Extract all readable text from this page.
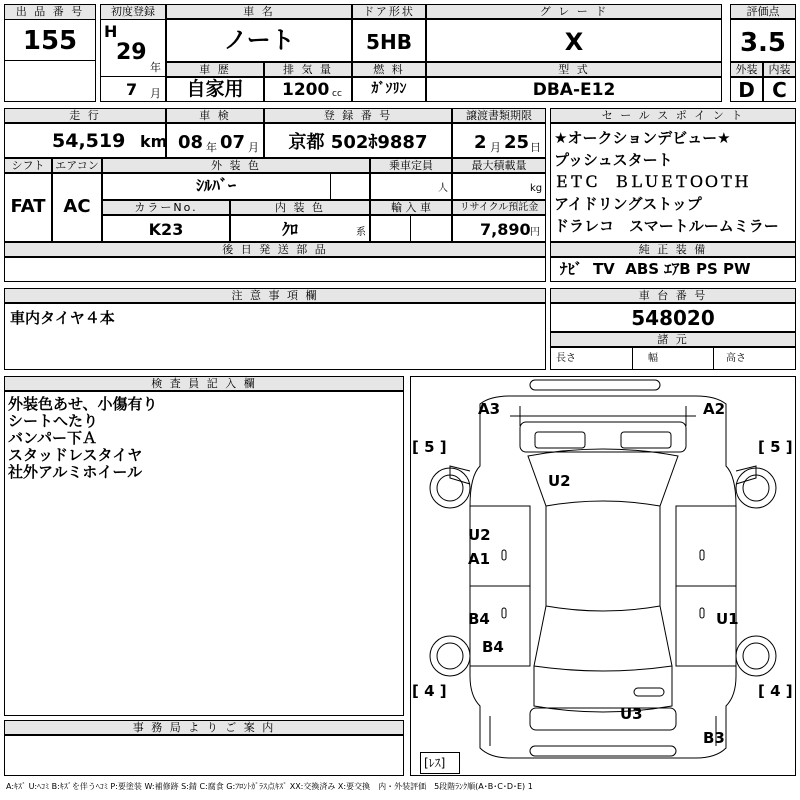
出 品 番 号
155
初度登録
H
29
年
7 月
車 名
ノート
ドア形状
5HB
グ レ ー ド
X
評価点
3.5
外装	内装
D C
車 歴
自家用
排 気 量
1200 cc
燃 料
ｶﾞｿﾘﾝ
型 式
DBA-E12
走 行
54,519 km
車 検
08 年 07 月
登 録 番 号
京都 502ﾎ9887
譲渡書類期限
2 月 25 日
シフト
FAT
エアコン
AC
外 装 色
ｼﾙﾊﾞｰ
乗車定員
人
最大積載量
kg
カラーNo.
K23
内 装 色
ｸﾛ	系
輸 入 車	リサイクル預託金
7,890 円
後 日 発 送 部 品
セ ー ル ス ポ イ ン ト
★オークションデビュー★
プッシュスタート
ＥＴＣ　ＢＬＵＥＴＯＯＴＨ
アイドリングストップ
ドラレコ　スマートルームミラー
純 正 装 備
ﾅﾋﾞ  TV  ABS ｴｱB PS PW
注 意 事 項 欄
車内タイヤ４本
車 台 番 号
548020
諸 元
長さ	幅	高さ
検 査 員 記 入 欄
外装色あせ、小傷有り
シートへたり
バンパー下Ａ
スタッドレスタイヤ
社外アルミホイール
事 務 局 よ り ご 案 内
A3	A2
[ 5 ]	[ 5 ]
U2
U2
A1
B4	U1
B4
[ 4 ]	[ 4 ]
U3
B3
[ﾚｽ]
A:ｷｽﾞ U:ﾍｺﾐ B:ｷｽﾞを伴うﾍｺﾐ P:要塗装 W:補修跡 S:錆 C:腐食 G:ﾌﾛﾝﾄｶﾞﾗｽ点ｷｽﾞ XX:交換済み X:要交換　内・外装評価　5段階ﾗﾝｸ順(A･B･C･D･E) 1
